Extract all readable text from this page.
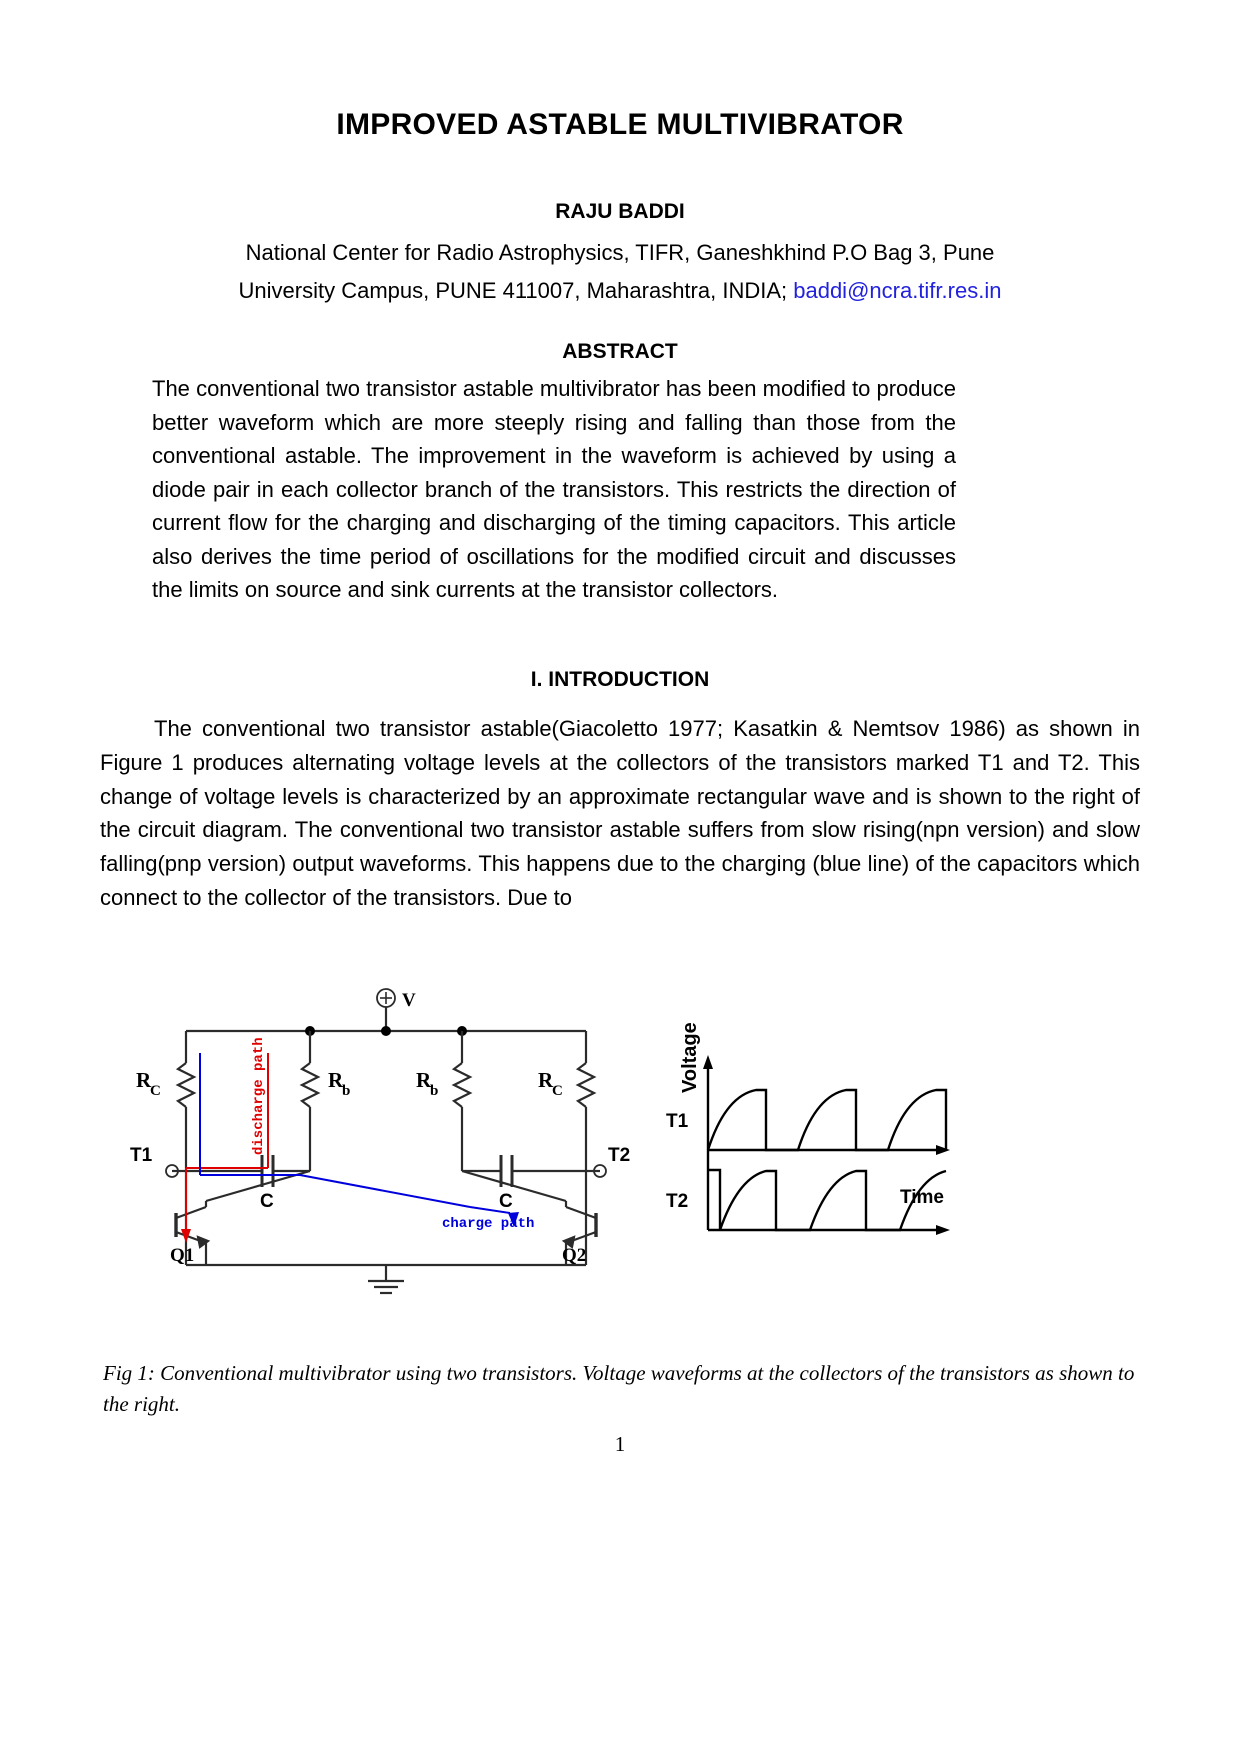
IMPROVED ASTABLE MULTIVIBRATOR
RAJU BADDI
National Center for Radio Astrophysics, TIFR, Ganeshkhind P.O Bag 3, Pune
University Campus, PUNE 411007, Maharashtra, INDIA; baddi@ncra.tifr.res.in
ABSTRACT
The conventional two transistor astable multivibrator has been modified to produce better waveform which are more steeply rising and falling than those from the conventional astable. The improvement in the waveform is achieved by using a diode pair in each collector branch of the transistors. This restricts the direction of current flow for the charging and discharging of the timing capacitors. This article also derives the time period of oscillations for the modified circuit and discusses the limits on source and sink currents at the transistor collectors.
I. INTRODUCTION
The conventional two transistor astable(Giacoletto 1977; Kasatkin & Nemtsov 1986) as shown in Figure 1 produces alternating voltage levels at the collectors of the transistors marked T1 and T2. This change of voltage levels is characterized by an approximate rectangular wave and is shown to the right of the circuit diagram. The conventional two transistor astable suffers from slow rising(npn version) and slow falling(pnp version) output waveforms. This happens due to the charging (blue line) of the capacitors which connect to the collector of the transistors. Due to
V
R
C	R
b	R
b	R
C
T1	T2
C	C
Q1	Q2
discharge path
charge path
Voltage
T1
T2	Time
Fig 1: Conventional multivibrator using two transistors. Voltage waveforms at the collectors of the transistors as shown to the right.
1
